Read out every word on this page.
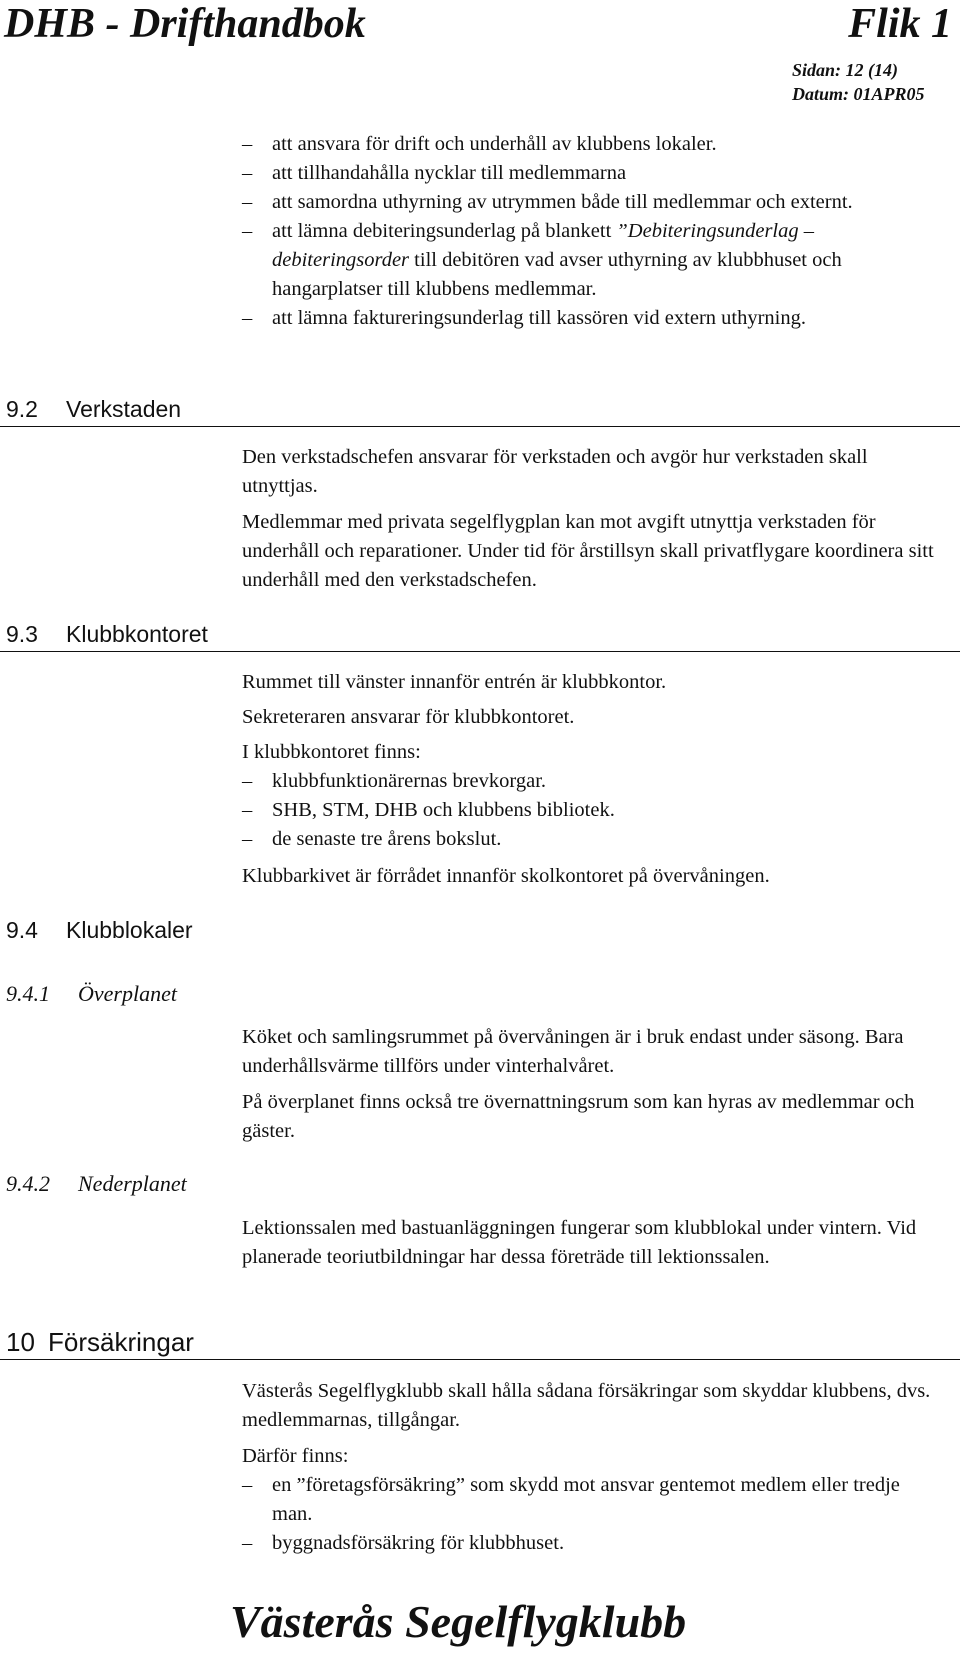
DHB - Drifthandbok	Flik 1
Sidan: 12 (14)
Datum: 01APR05
– att ansvara för drift och underhåll av klubbens lokaler.
– att tillhandahålla nycklar till medlemmarna
– att samordna uthyrning av utrymmen både till medlemmar och externt.
– att lämna debiteringsunderlag på blankett ”Debiteringsunderlag – debiteringsorder till debitören vad avser uthyrning av klubbhuset och hangarplatser till klubbens medlemmar.
– att lämna faktureringsunderlag till kassören vid extern uthyrning.
9.2 Verkstaden
Den verkstadschefen ansvarar för verkstaden och avgör hur verkstaden skall utnyttjas.
Medlemmar med privata segelflygplan kan mot avgift utnyttja verkstaden för underhåll och reparationer. Under tid för årstillsyn skall privatflygare koordinera sitt underhåll med den verkstadschefen.
9.3 Klubbkontoret
Rummet till vänster innanför entrén är klubbkontor.
Sekreteraren ansvarar för klubbkontoret.
I klubbkontoret finns:
– klubbfunktionärernas brevkorgar.
– SHB, STM, DHB och klubbens bibliotek.
– de senaste tre årens bokslut.
Klubbarkivet är förrådet innanför skolkontoret på övervåningen.
9.4 Klubblokaler
9.4.1 Överplanet
Köket och samlingsrummet på övervåningen är i bruk endast under säsong. Bara underhållsvärme tillförs under vinterhalvåret.
På överplanet finns också tre övernattningsrum som kan hyras av medlemmar och gäster.
9.4.2 Nederplanet
Lektionssalen med bastuanläggningen fungerar som klubblokal under vintern. Vid planerade teoriutbildningar har dessa företräde till lektionssalen.
10 Försäkringar
Västerås Segelflygklubb skall hålla sådana försäkringar som skyddar klubbens, dvs. medlemmarnas, tillgångar.
Därför finns:
– en ”företagsförsäkring” som skydd mot ansvar gentemot medlem eller tredje man.
– byggnadsförsäkring för klubbhuset.
Västerås Segelflygklubb
